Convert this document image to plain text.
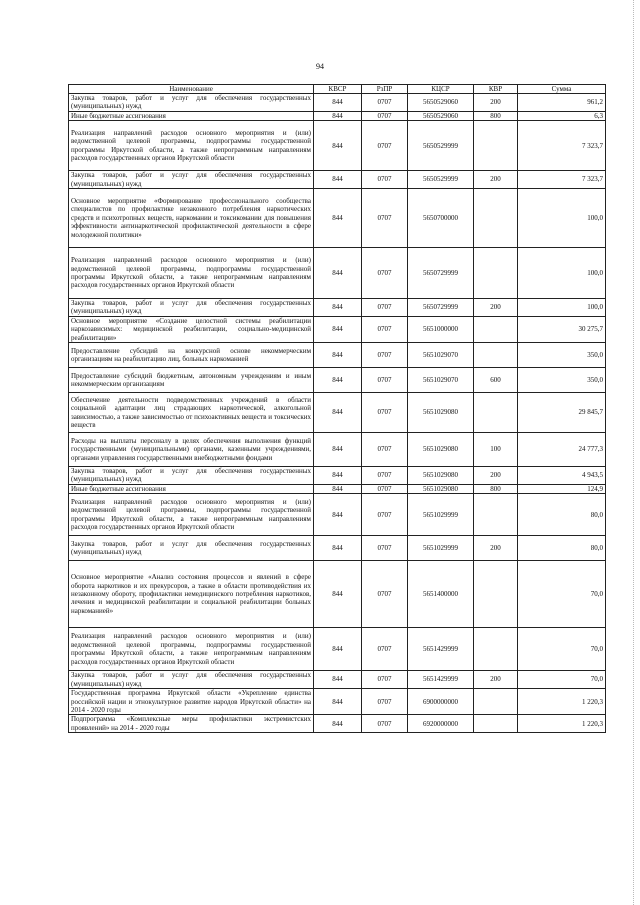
94
Наименование	КВСР	РзПР	КЦСР	КВР	Сумма
Закупка товаров, работ и услуг для обеспечения государственных (муниципальных) нужд	844	0707	5650529060	200	961,2
Иные бюджетные ассигнования	844	0707	5650529060	800	6,3
Реализация направлений расходов основного мероприятия и (или) ведомственной целевой программы, подпрограммы государственной программы Иркутской области, а также непрограммным направлениям расходов государственных органов Иркутской области	844	0707	5650529999		7 323,7
Закупка товаров, работ и услуг для обеспечения государственных (муниципальных) нужд	844	0707	5650529999	200	7 323,7
Основное мероприятие «Формирование профессионального сообщества специалистов по профилактике незаконного потребления наркотических средств и психотропных веществ, наркомании и токсикомании для повышения эффективности антинаркотической профилактической деятельности в сфере молодежной политики»	844	0707	5650700000		100,0
Реализация направлений расходов основного мероприятия и (или) ведомственной целевой программы, подпрограммы государственной программы Иркутской области, а также непрограммным направлениям расходов государственных органов Иркутской области	844	0707	5650729999		100,0
Закупка товаров, работ и услуг для обеспечения государственных (муниципальных) нужд	844	0707	5650729999	200	100,0
Основное мероприятие «Создание целостной системы реабилитации наркозависимых: медицинской реабилитации, социально-медицинской реабилитации»	844	0707	5651000000		30 275,7
Предоставление субсидий на конкурсной основе некоммерческим организациям на реабилитацию лиц, больных наркоманией	844	0707	5651029070		350,0
Предоставление субсидий бюджетным, автономным учреждениям и иным некоммерческим организациям	844	0707	5651029070	600	350,0
Обеспечение деятельности подведомственных учреждений в области социальной адаптации лиц страдающих наркотической, алкогольной зависимостью, а также зависимостью от психоактивных веществ и токсических веществ	844	0707	5651029080		29 845,7
Расходы на выплаты персоналу в целях обеспечения выполнения функций государственными (муниципальными) органами, казенными учреждениями, органами управления государственными внебюджетными фондами	844	0707	5651029080	100	24 777,3
Закупка товаров, работ и услуг для обеспечения государственных (муниципальных) нужд	844	0707	5651029080	200	4 943,5
Иные бюджетные ассигнования	844	0707	5651029080	800	124,9
Реализация направлений расходов основного мероприятия и (или) ведомственной целевой программы, подпрограммы государственной программы Иркутской области, а также непрограммным направлениям расходов государственных органов Иркутской области	844	0707	5651029999		80,0
Закупка товаров, работ и услуг для обеспечения государственных (муниципальных) нужд	844	0707	5651029999	200	80,0
Основное мероприятие «Анализ состояния процессов и явлений в сфере оборота наркотиков и их прекурсоров, а также в области противодействия их незаконному обороту, профилактики немедицинского потребления наркотиков, лечения и медицинской реабилитации и социальной реабилитации больных наркоманией»	844	0707	5651400000		70,0
Реализация направлений расходов основного мероприятия и (или) ведомственной целевой программы, подпрограммы государственной программы Иркутской области, а также непрограммным направлениям расходов государственных органов Иркутской области	844	0707	5651429999		70,0
Закупка товаров, работ и услуг для обеспечения государственных (муниципальных) нужд	844	0707	5651429999	200	70,0
Государственная программа Иркутской области «Укрепление единства российской нации и этнокультурное развитие народов Иркутской области» на 2014 - 2020 годы	844	0707	6900000000		1 220,3
Подпрограмма «Комплексные меры профилактики экстремистских проявлений» на 2014 - 2020 годы	844	0707	6920000000		1 220,3
